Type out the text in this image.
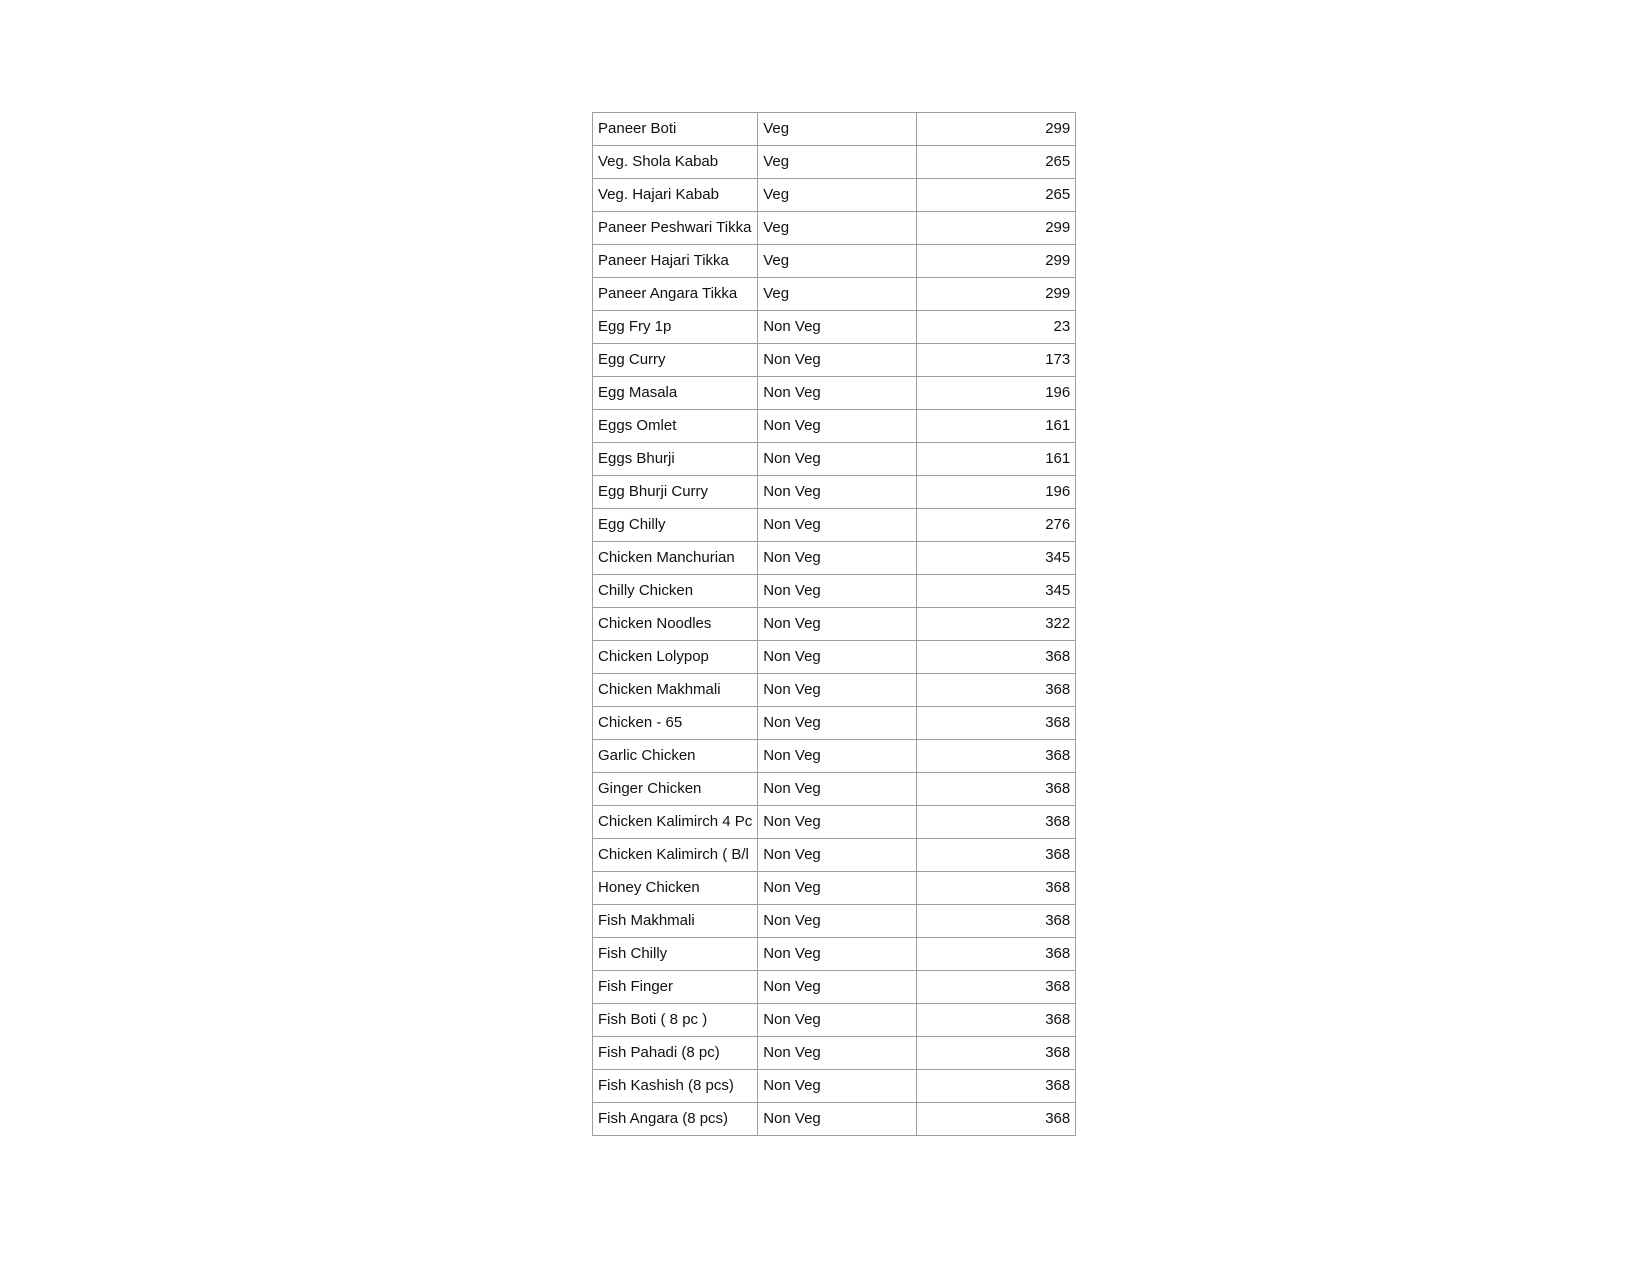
Paneer Boti	Veg	299
Veg. Shola Kabab	Veg	265
Veg. Hajari Kabab	Veg	265
Paneer Peshwari Tikka	Veg	299
Paneer Hajari Tikka	Veg	299
Paneer Angara Tikka	Veg	299
Egg Fry 1p	Non Veg	23
Egg Curry	Non Veg	173
Egg Masala	Non Veg	196
Eggs Omlet	Non Veg	161
Eggs Bhurji	Non Veg	161
Egg Bhurji Curry	Non Veg	196
Egg Chilly	Non Veg	276
Chicken Manchurian	Non Veg	345
Chilly Chicken	Non Veg	345
Chicken Noodles	Non Veg	322
Chicken Lolypop	Non Veg	368
Chicken Makhmali	Non Veg	368
Chicken - 65	Non Veg	368
Garlic Chicken	Non Veg	368
Ginger Chicken	Non Veg	368
Chicken Kalimirch 4 Pc	Non Veg	368
Chicken Kalimirch ( B/l	Non Veg	368
Honey Chicken	Non Veg	368
Fish Makhmali	Non Veg	368
Fish Chilly	Non Veg	368
Fish Finger	Non Veg	368
Fish Boti ( 8 pc )	Non Veg	368
Fish Pahadi (8 pc)	Non Veg	368
Fish Kashish (8 pcs)	Non Veg	368
Fish Angara (8 pcs)	Non Veg	368
